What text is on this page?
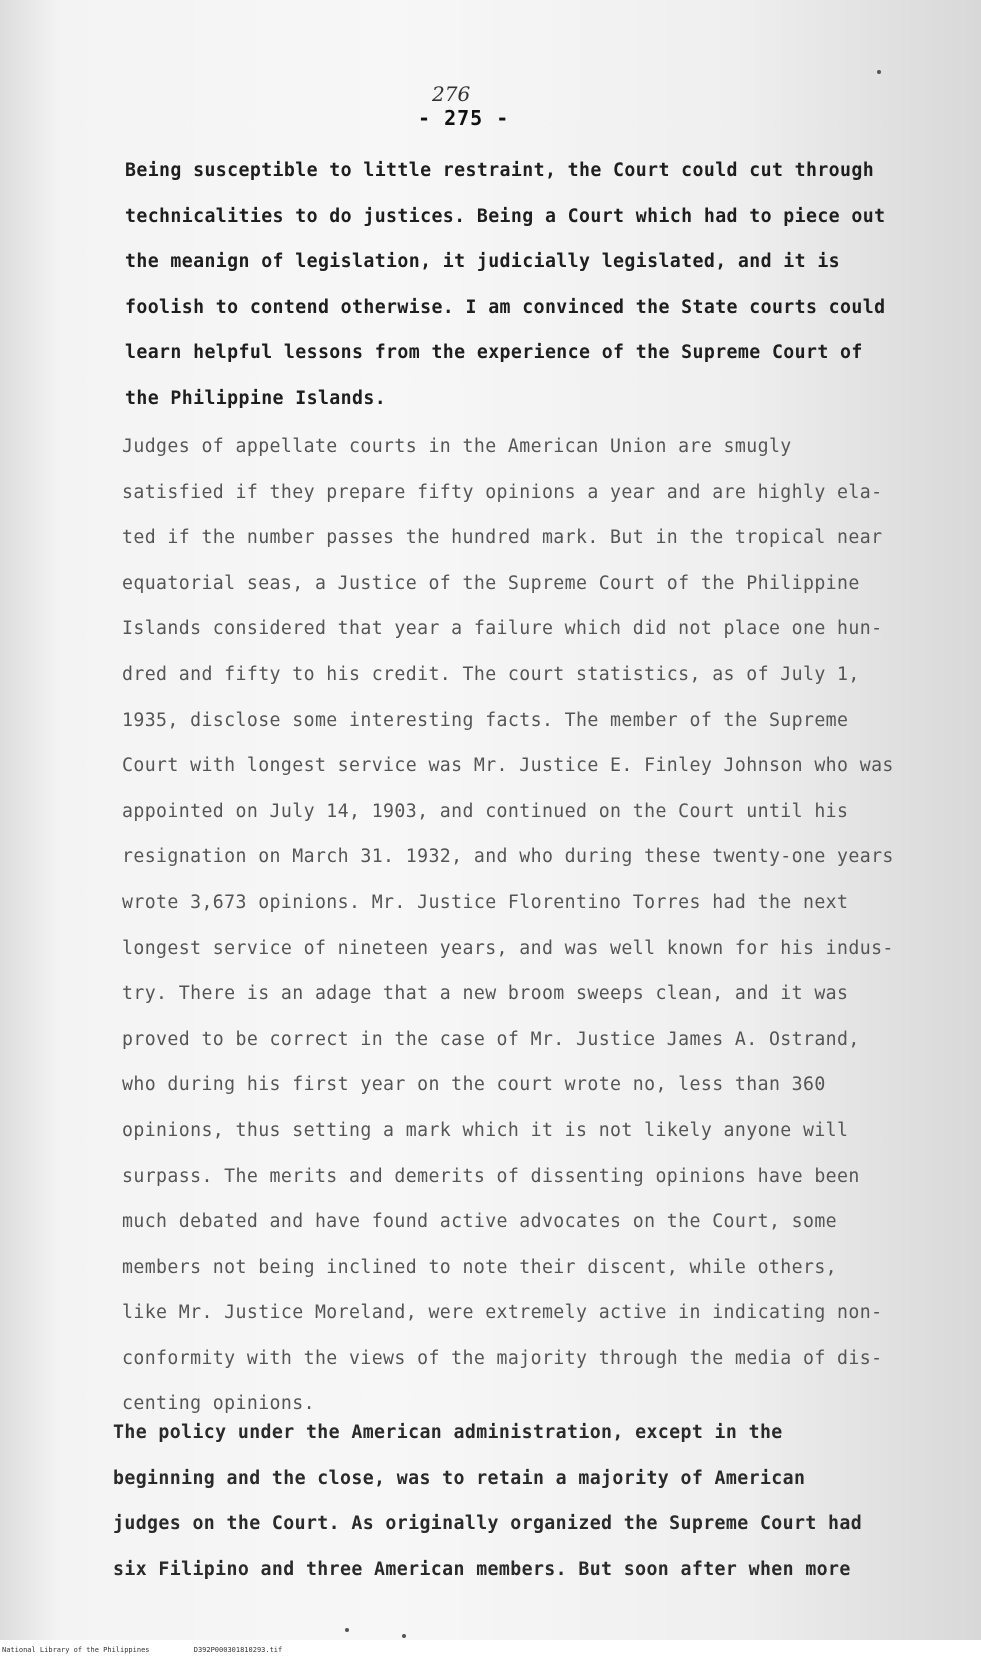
276
- 275 -

Being susceptible to little restraint, the Court could cut through
technicalities to do justices. Being a Court which had to piece out
the meanign of legislation, it judicially legislated, and it is
foolish to contend otherwise. I am convinced the State courts could
learn helpful lessons from the experience of the Supreme Court of
the Philippine Islands.

Judges of appellate courts in the American Union are smugly
satisfied if they prepare fifty opinions a year and are highly ela-
ted if the number passes the hundred mark. But in the tropical near
equatorial seas, a Justice of the Supreme Court of the Philippine
Islands considered that year a failure which did not place one hun-
dred and fifty to his credit. The court statistics, as of July 1,
1935, disclose some interesting facts. The member of the Supreme
Court with longest service was Mr. Justice E. Finley Johnson who was
appointed on July 14, 1903, and continued on the Court until his
resignation on March 31. 1932, and who during these twenty-one years
wrote 3,673 opinions. Mr. Justice Florentino Torres had the next
longest service of nineteen years, and was well known for his indus-
try. There is an adage that a new broom sweeps clean, and it was
proved to be correct in the case of Mr. Justice James A. Ostrand,
who during his first year on the court wrote no, less than 360
opinions, thus setting a mark which it is not likely anyone will
surpass. The merits and demerits of dissenting opinions have been
much debated and have found active advocates on the Court, some
members not being inclined to note their discent, while others,
like Mr. Justice Moreland, were extremely active in indicating non-
conformity with the views of the majority through the media of dis-
centing opinions.

The policy under the American administration, except in the
beginning and the close, was to retain a majority of American
judges on the Court. As originally organized the Supreme Court had
six Filipino and three American members. But soon after when more

National Library of the Philippines	D392P000301810293.tif
